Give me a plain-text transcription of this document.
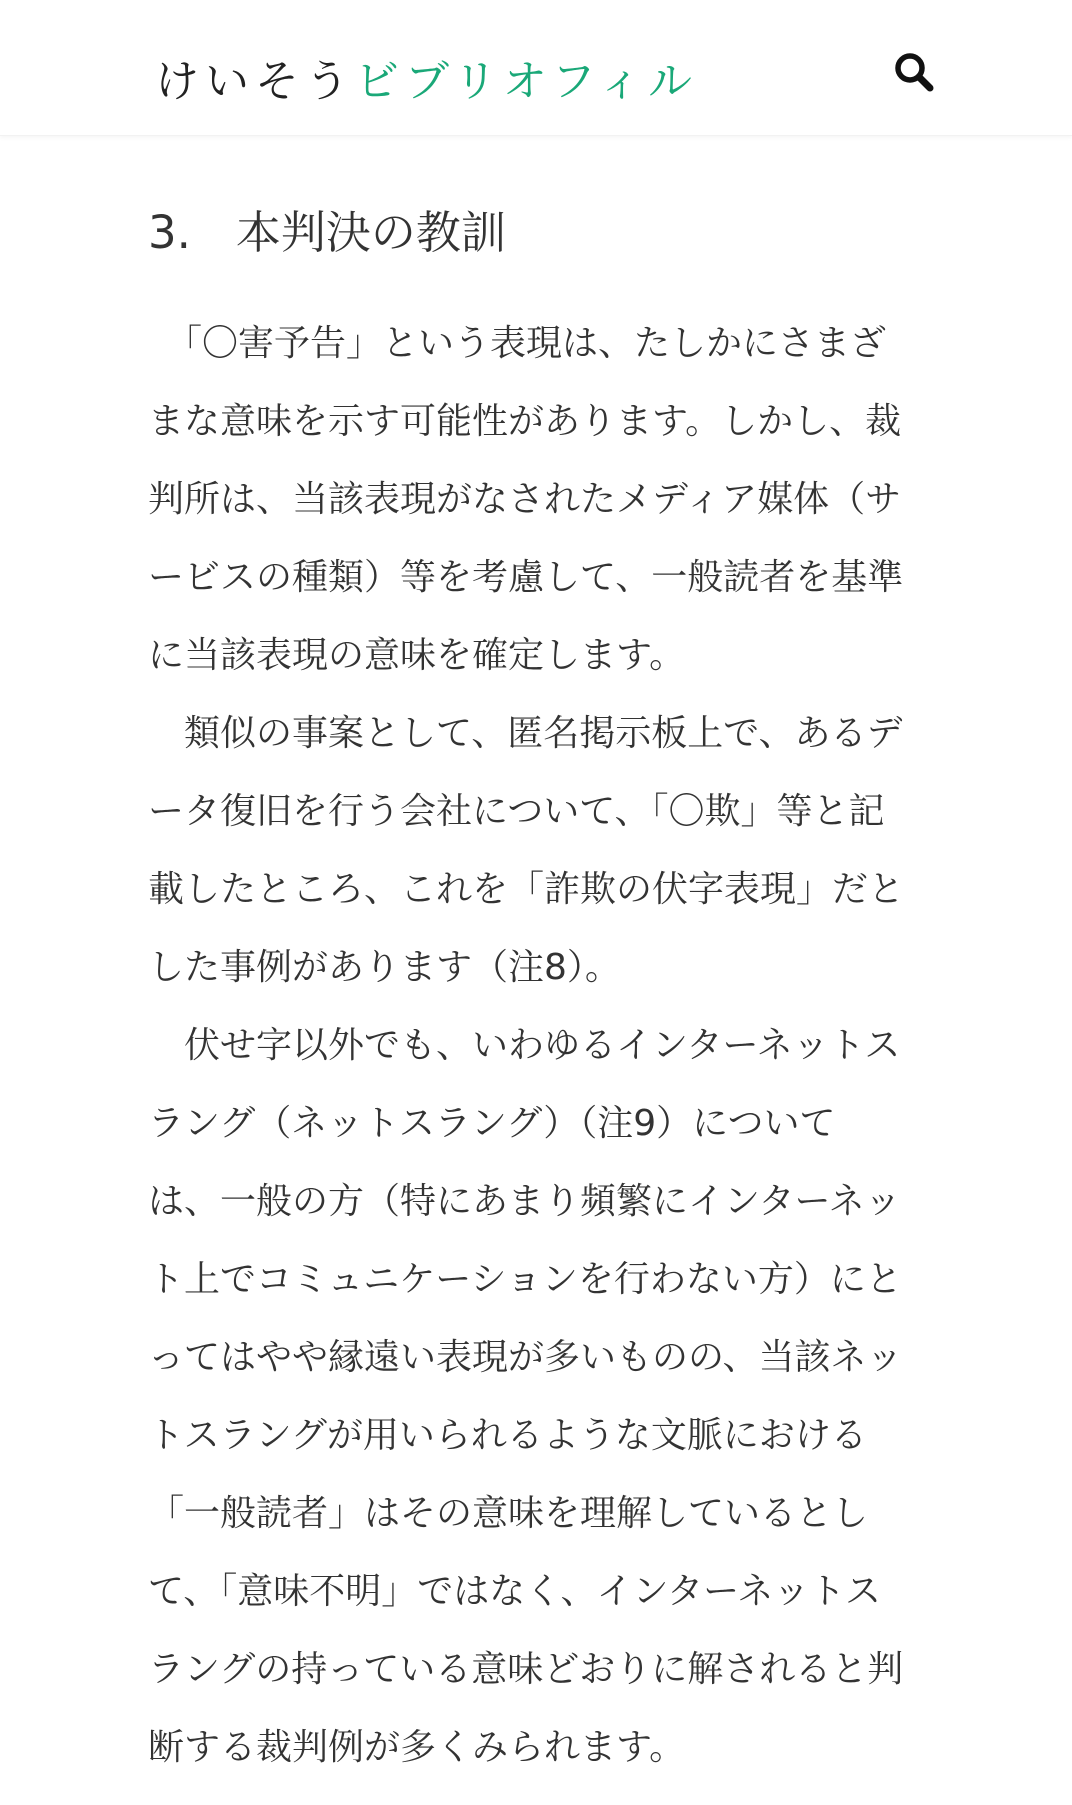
けいそうビブリオフィル
3.　本判決の教訓

　「〇害予告」という表現は、たしかにさまざ
まな意味を示す可能性があります。しかし、裁
判所は、当該表現がなされたメディア媒体（サ
ービスの種類）等を考慮して、一般読者を基準
に当該表現の意味を確定します。

　類似の事案として、匿名掲示板上で、あるデ
ータ復旧を行う会社について、「〇欺」等と記
載したところ、これを「詐欺の伏字表現」だと
した事例があります（注8）。

　伏せ字以外でも、いわゆるインターネットス
ラング（ネットスラング）（注9）について
は、一般の方（特にあまり頻繁にインターネッ
ト上でコミュニケーションを行わない方）にと
ってはやや縁遠い表現が多いものの、当該ネッ
トスラングが用いられるような文脈における
「一般読者」はその意味を理解しているとし
て、「意味不明」ではなく、インターネットス
ラングの持っている意味どおりに解されると判
断する裁判例が多くみられます。
